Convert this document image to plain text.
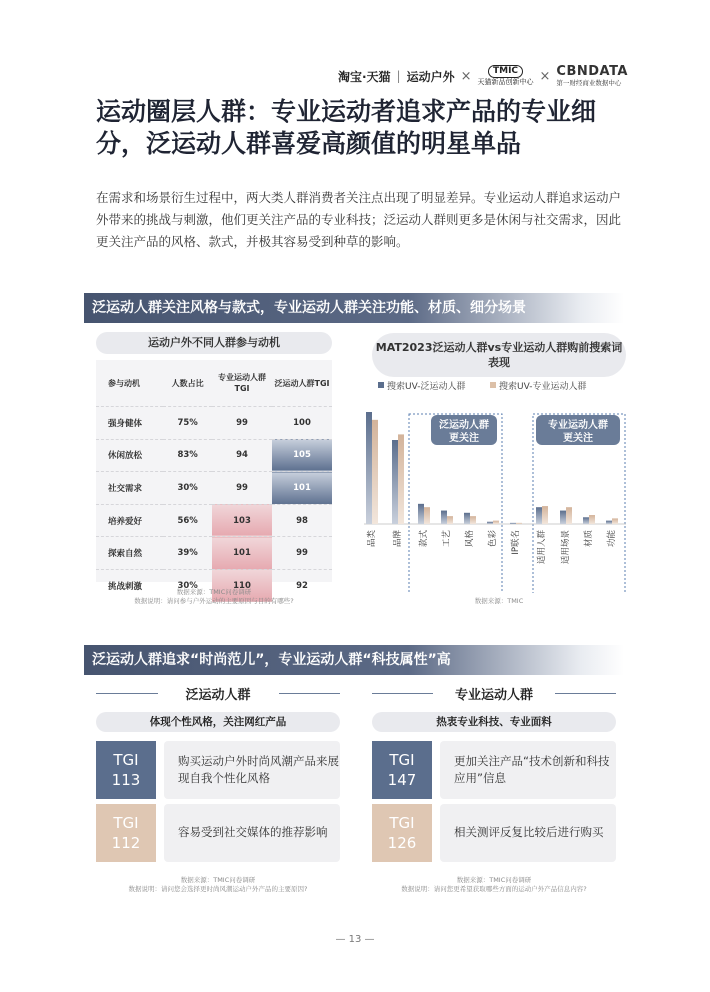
淘宝·天猫 | 运动户外 ×	TMIC
天猫新品创新中心 × CBNDATA
第一财经商业数据中心
运动圈层人群：专业运动者追求产品的专业细分，泛运动人群喜爱高颜值的明星单品
在需求和场景衍生过程中，两大类人群消费者关注点出现了明显差异。专业运动人群追求运动户外带来的挑战与刺激，他们更关注产品的专业科技；泛运动人群则更多是休闲与社交需求，因此更关注产品的风格、款式，并极其容易受到种草的影响。
泛运动人群关注风格与款式，专业运动人群关注功能、材质、细分场景
运动户外不同人群参与动机
参与动机	人数占比	专业运动人群TGI	泛运动人群TGI
强身健体	75%	99	100
休闲放松	83%	94	105
社交需求	30%	99	101
培养爱好	56%	103	98
探索自然	39%	101	99
挑战刺激	30%	110	92
数据来源：TMIC问卷调研
数据说明：请问参与户外运动的主要原因与目的有哪些?
MAT2023泛运动人群vs专业运动人群购前搜索词表现
搜索UV-泛运动人群	搜索UV-专业运动人群
泛运动人群更关注
专业运动人群更关注
品类 品牌 款式 工艺 风格 色彩 IP联名 适用人群 适用场景 材质 功能
数据来源：TMIC
泛运动人群追求“时尚范儿”，专业运动人群“科技属性”高
泛运动人群
体现个性风格，关注网红产品
TGI
113
购买运动户外时尚风潮产品来展现自我个性化风格
TGI
112
容易受到社交媒体的推荐影响
数据来源：TMIC问卷调研
数据说明：请问您会选择更时尚风潮运动户外产品的主要原因?
专业运动人群
热衷专业科技、专业面料
TGI
147
更加关注产品“技术创新和科技应用”信息
TGI
126
相关测评反复比较后进行购买
数据来源：TMIC问卷调研
数据说明：请问您更希望获取哪些方面的运动户外产品信息内容?
— 13 —
